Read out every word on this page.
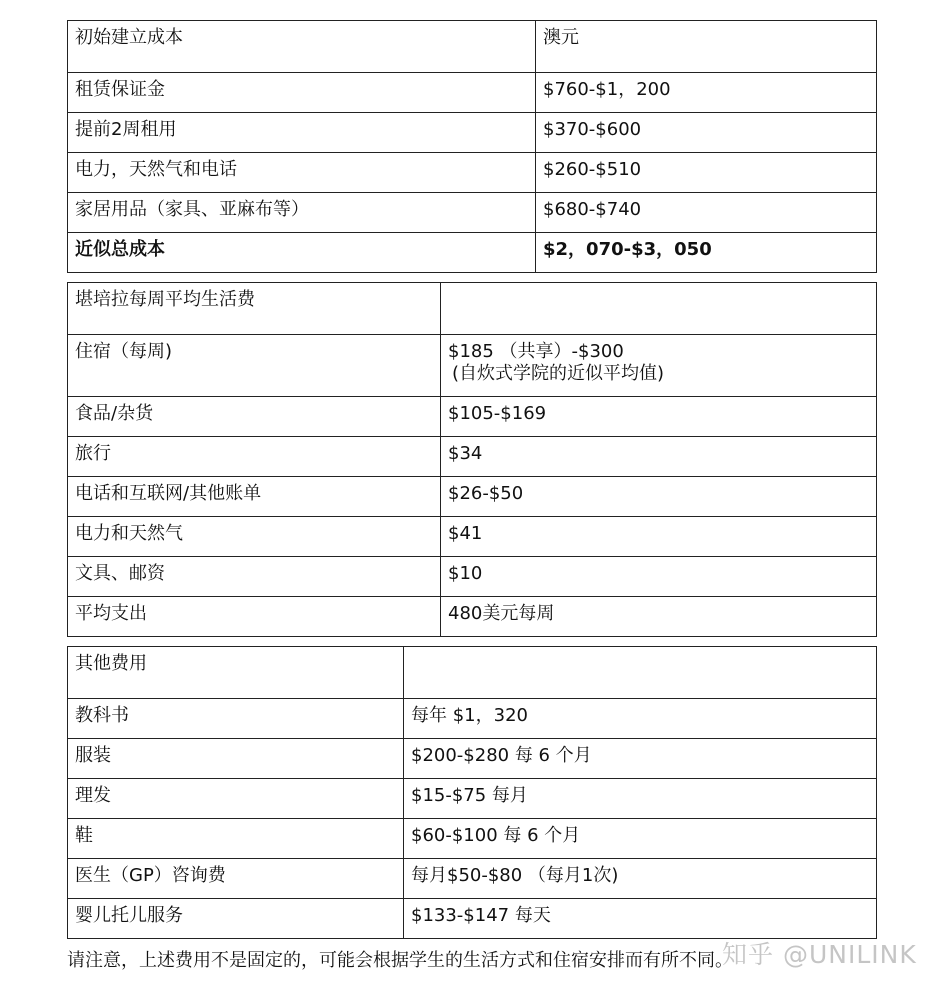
初始建立成本	澳元
租赁保证金	$760-$1，200
提前2周租用	$370-$600
电力，天然气和电话	$260-$510
家居用品（家具、亚麻布等）	$680-$740
近似总成本	$2，070-$3，050
堪培拉每周平均生活费	
住宿（每周)	$185 （共享）-$300
(自炊式学院的近似平均值)

食品/杂货	$105-$169
旅行	$34
电话和互联网/其他账单	$26-$50
电力和天然气	$41
文具、邮资	$10
平均支出	480美元每周
其他费用	
教科书	每年 $1，320
服装	$200-$280 每 6 个月
理发	$15-$75 每月
鞋	$60-$100 每 6 个月
医生（GP）咨询费	每月$50-$80 （每月1次)
婴儿托儿服务	$133-$147 每天
请注意，上述费用不是固定的，可能会根据学生的生活方式和住宿安排而有所不同。
知乎 @UNILINK
